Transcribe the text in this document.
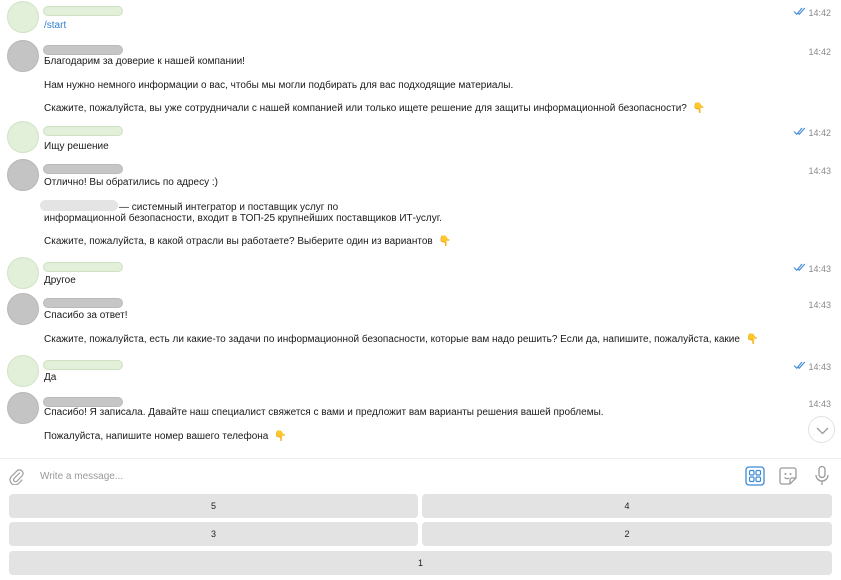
14:42
/start
14:42
Благодарим за доверие к нашей компании!
Нам нужно немного информации о вас, чтобы мы могли подбирать для вас подходящие материалы.
Скажите, пожалуйста, вы уже сотрудничали с нашей компанией или только ищете решение для защиты информационной безопасности? 👇
14:42
Ищу решение
14:43
Отлично! Вы обратились по адресу :)
— системный интегратор и поставщик услуг по
информационной безопасности, входит в ТОП-25 крупнейших поставщиков ИТ-услуг.
Скажите, пожалуйста, в какой отрасли вы работаете? Выберите один из вариантов 👇
14:43
Другое
14:43
Спасибо за ответ!
Скажите, пожалуйста, есть ли какие-то задачи по информационной безопасности, которые вам надо решить? Если да, напишите, пожалуйста, какие 👇
14:43
Да
14:43
Спасибо! Я записала. Давайте наш специалист свяжется с вами и предложит вам варианты решения вашей проблемы.
Пожалуйста, напишите номер вашего телефона 👇
Write a message...
5	4
3	2
1
